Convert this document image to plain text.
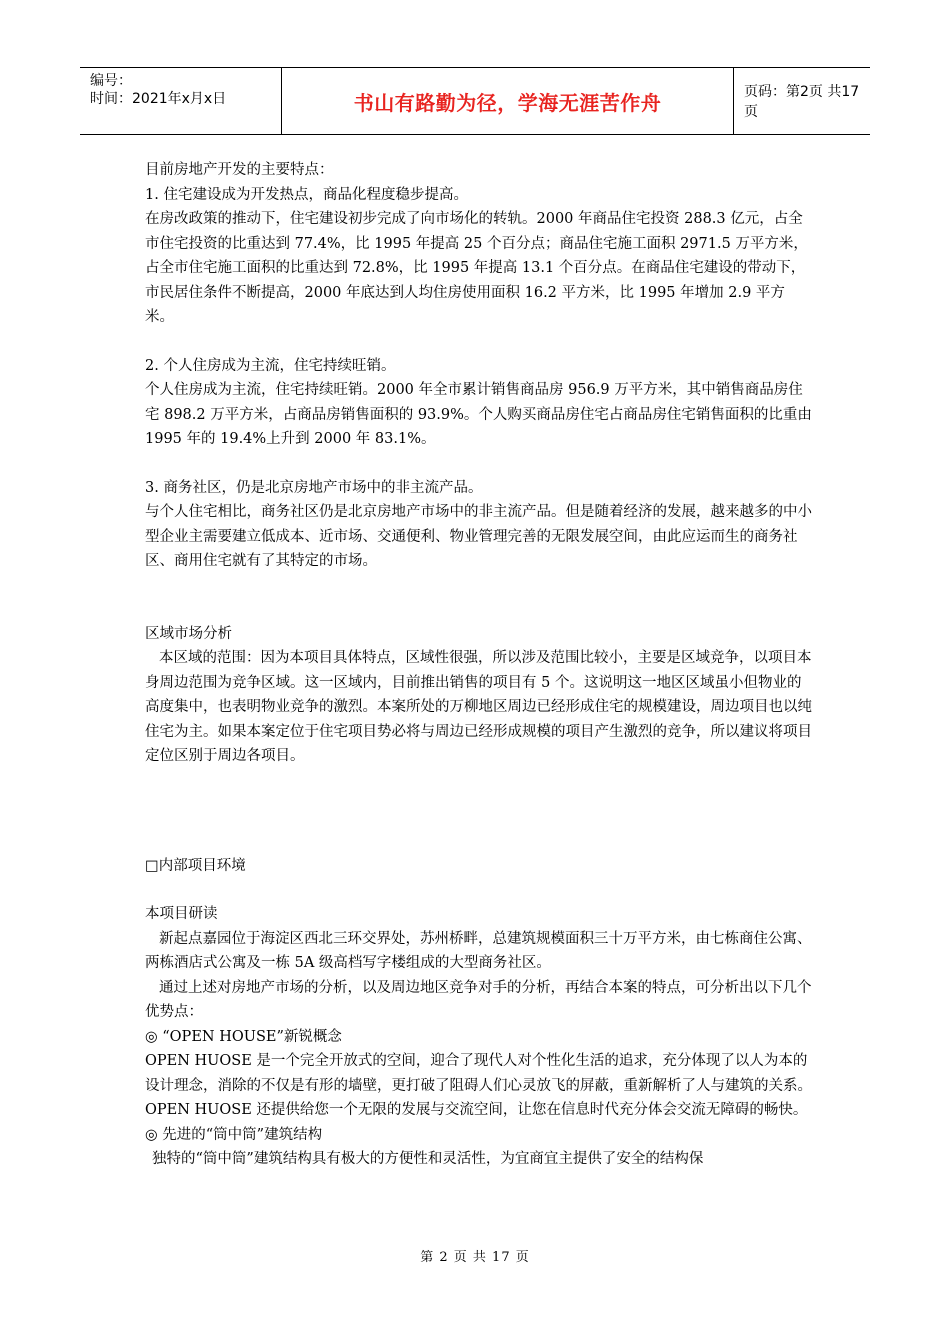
编号：
时间：2021年x月x日	书山有路勤为径，学海无涯苦作舟	页码：第2页 共17页

目前房地产开发的主要特点：

1. 住宅建设成为开发热点，商品化程度稳步提高。

在房改政策的推动下，住宅建设初步完成了向市场化的转轨。2000 年商品住宅投资 288.3 亿元，占全市住宅投资的比重达到 77.4%，比 1995 年提高 25 个百分点；商品住宅施工面积 2971.5 万平方米，占全市住宅施工面积的比重达到 72.8%，比 1995 年提高 13.1 个百分点。在商品住宅建设的带动下，市民居住条件不断提高，2000 年底达到人均住房使用面积 16.2 平方米，比 1995 年增加 2.9 平方米。

2. 个人住房成为主流，住宅持续旺销。

个人住房成为主流，住宅持续旺销。2000 年全市累计销售商品房 956.9 万平方米，其中销售商品房住宅 898.2 万平方米，占商品房销售面积的 93.9%。个人购买商品房住宅占商品房住宅销售面积的比重由 1995 年的 19.4%上升到 2000 年 83.1%。

3. 商务社区，仍是北京房地产市场中的非主流产品。

与个人住宅相比，商务社区仍是北京房地产市场中的非主流产品。但是随着经济的发展，越来越多的中小型企业主需要建立低成本、近市场、交通便利、物业管理完善的无限发展空间，由此应运而生的商务社区、商用住宅就有了其特定的市场。

区域市场分析

本区域的范围：因为本项目具体特点，区域性很强，所以涉及范围比较小，主要是区域竞争，以项目本身周边范围为竞争区域。这一区域内，目前推出销售的项目有 5 个。这说明这一地区区域虽小但物业的高度集中，也表明物业竞争的激烈。本案所处的万柳地区周边已经形成住宅的规模建设，周边项目也以纯住宅为主。如果本案定位于住宅项目势必将与周边已经形成规模的项目产生激烈的竞争，所以建议将项目定位区别于周边各项目。

□内部项目环境

本项目研读

新起点嘉园位于海淀区西北三环交界处，苏州桥畔，总建筑规模面积三十万平方米，由七栋商住公寓、两栋酒店式公寓及一栋 5A 级高档写字楼组成的大型商务社区。

通过上述对房地产市场的分析，以及周边地区竞争对手的分析，再结合本案的特点，可分析出以下几个优势点：

◎ “OPEN HOUSE”新锐概念

OPEN HUOSE 是一个完全开放式的空间，迎合了现代人对个性化生活的追求，充分体现了以人为本的设计理念，消除的不仅是有形的墙壁，更打破了阻碍人们心灵放飞的屏蔽，重新解析了人与建筑的关系。OPEN HUOSE 还提供给您一个无限的发展与交流空间，让您在信息时代充分体会交流无障碍的畅快。

◎ 先进的“筒中筒”建筑结构

独特的“筒中筒”建筑结构具有极大的方便性和灵活性，为宜商宜主提供了安全的结构保

第 2 页 共 17 页
